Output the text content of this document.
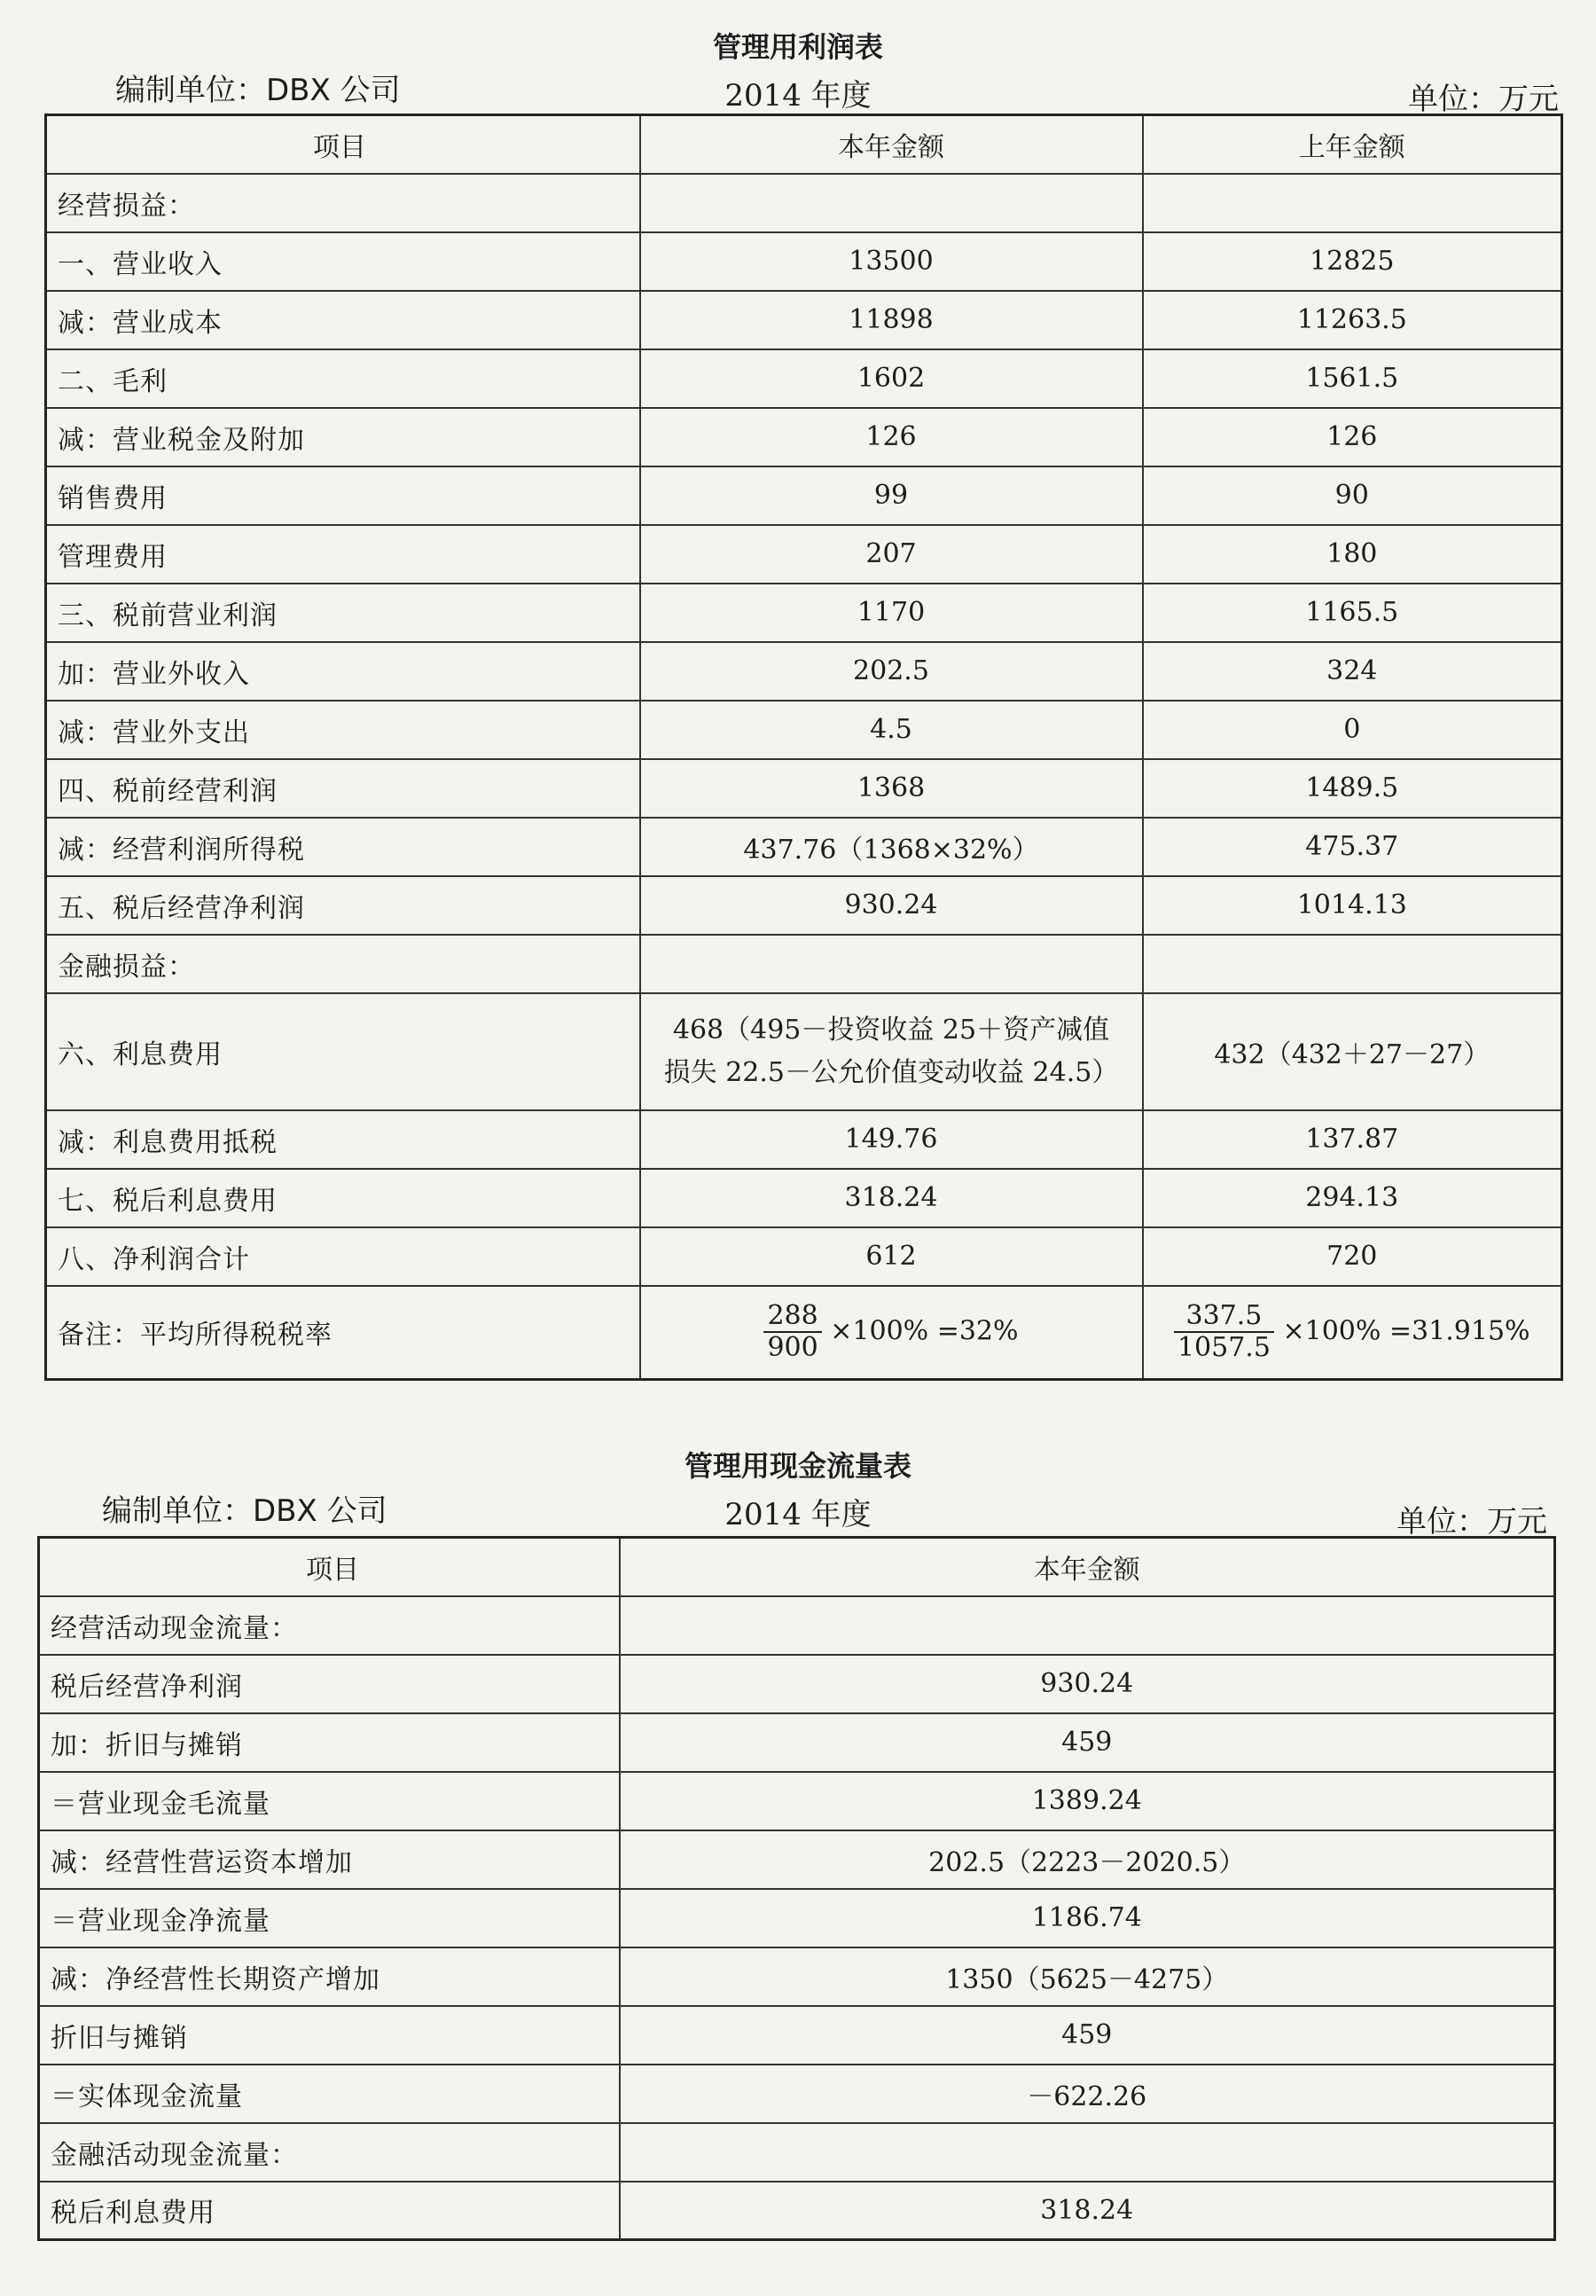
管理用利润表
编制单位：DBX 公司	2014 年度	单位：万元
项目	本年金额	上年金额
经营损益：		
一、营业收入	13500	12825
减：营业成本	11898	11263.5
二、毛利	1602	1561.5
减：营业税金及附加	126	126
销售费用	99	90
管理费用	207	180
三、税前营业利润	1170	1165.5
加：营业外收入	202.5	324
减：营业外支出	4.5	0
四、税前经营利润	1368	1489.5
减：经营利润所得税	437.76（1368×32%）	475.37
五、税后经营净利润	930.24	1014.13
金融损益：		
六、利息费用	468（495－投资收益 25＋资产减值
损失 22.5－公允价值变动收益 24.5）	432（432＋27－27）
减：利息费用抵税	149.76	137.87
七、税后利息费用	318.24	294.13
八、净利润合计	612	720
备注：平均所得税税率	$\frac{288}{900} \times 100\% =32\%$	$\frac{337.5}{1057.5} \times 100\% =31.915\%$
管理用现金流量表
编制单位：DBX 公司	2014 年度	单位：万元
项目	本年金额
经营活动现金流量：	
税后经营净利润	930.24
加：折旧与摊销	459
＝营业现金毛流量	1389.24
减：经营性营运资本增加	202.5（2223－2020.5）
＝营业现金净流量	1186.74
减：净经营性长期资产增加	1350（5625－4275）
折旧与摊销	459
＝实体现金流量	－622.26
金融活动现金流量：	
税后利息费用	318.24
